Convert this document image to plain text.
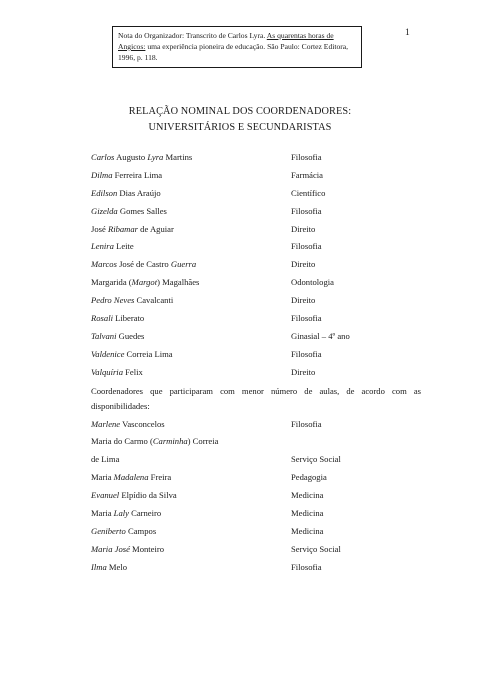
1
Nota do Organizador: Transcrito de Carlos Lyra. As quarentas horas de Angicos: uma experiência pioneira de educação. São Paulo: Cortez Editora, 1996, p. 118.
RELAÇÃO NOMINAL DOS COORDENADORES:
UNIVERSITÁRIOS E SECUNDARISTAS
Carlos Augusto Lyra Martins	Filosofia
Dilma Ferreira Lima	Farmácia
Edilson Dias Araújo	Científico
Gizelda Gomes Salles	Filosofia
José Ribamar de Aguiar	Direito
Lenira Leite	Filosofia
Marcos José de Castro Guerra	Direito
Margarida (Margot) Magalhães	Odontologia
Pedro Neves Cavalcanti	Direito
Rosali Liberato	Filosofia
Talvani Guedes	Ginasial – 4º ano
Valdenice Correia Lima	Filosofia
Valquíria Felix	Direito
Coordenadores que participaram com menor número de aulas, de acordo com as
disponibilidades:
Marlene Vasconcelos	Filosofia
Maria do Carmo (Carminha) Correia
de Lima	Serviço Social
Maria Madalena Freira	Pedagogia
Evanuel Elpídio da Silva	Medicina
Maria Laly Carneiro	Medicina
Geniberto Campos	Medicina
Maria José Monteiro	Serviço Social
Ilma Melo	Filosofia
